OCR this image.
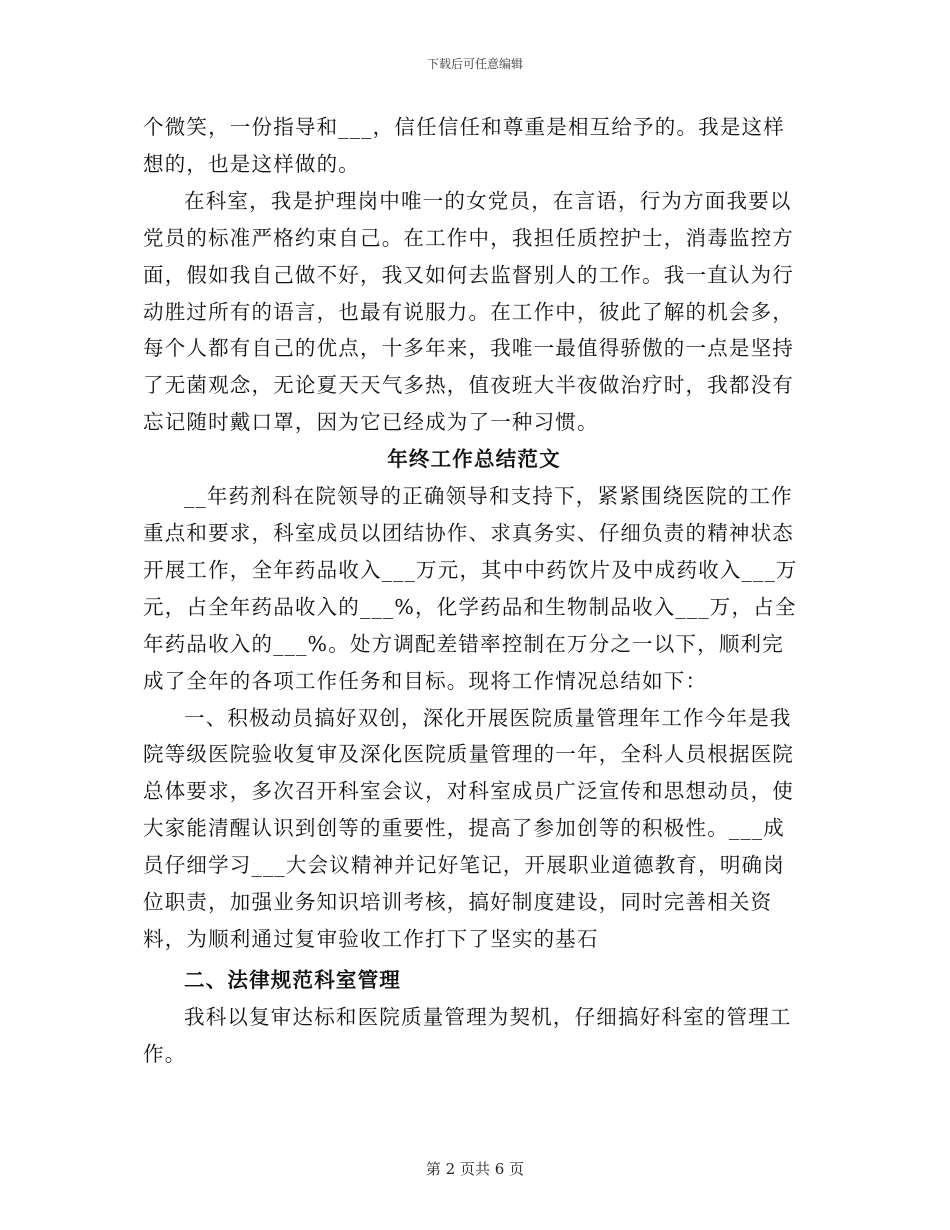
下载后可任意编辑

个微笑，一份指导和___，信任信任和尊重是相互给予的。我是这样想的，也是这样做的。

在科室，我是护理岗中唯一的女党员，在言语，行为方面我要以党员的标准严格约束自己。在工作中，我担任质控护士，消毒监控方面，假如我自己做不好，我又如何去监督别人的工作。我一直认为行动胜过所有的语言，也最有说服力。在工作中，彼此了解的机会多，每个人都有自己的优点，十多年来，我唯一最值得骄傲的一点是坚持了无菌观念，无论夏天天气多热，值夜班大半夜做治疗时，我都没有忘记随时戴口罩，因为它已经成为了一种习惯。

年终工作总结范文

__年药剂科在院领导的正确领导和支持下，紧紧围绕医院的工作重点和要求，科室成员以团结协作、求真务实、仔细负责的精神状态开展工作，全年药品收入___万元，其中中药饮片及中成药收入___万元，占全年药品收入的___%，化学药品和生物制品收入___万，占全年药品收入的___%。处方调配差错率控制在万分之一以下，顺利完成了全年的各项工作任务和目标。现将工作情况总结如下：

一、积极动员搞好双创，深化开展医院质量管理年工作今年是我院等级医院验收复审及深化医院质量管理的一年，全科人员根据医院总体要求，多次召开科室会议，对科室成员广泛宣传和思想动员，使大家能清醒认识到创等的重要性，提高了参加创等的积极性。___成员仔细学习___大会议精神并记好笔记，开展职业道德教育，明确岗位职责，加强业务知识培训考核，搞好制度建设，同时完善相关资料，为顺利通过复审验收工作打下了坚实的基石

二、法律规范科室管理

我科以复审达标和医院质量管理为契机，仔细搞好科室的管理工作。

第 2 页共 6 页
